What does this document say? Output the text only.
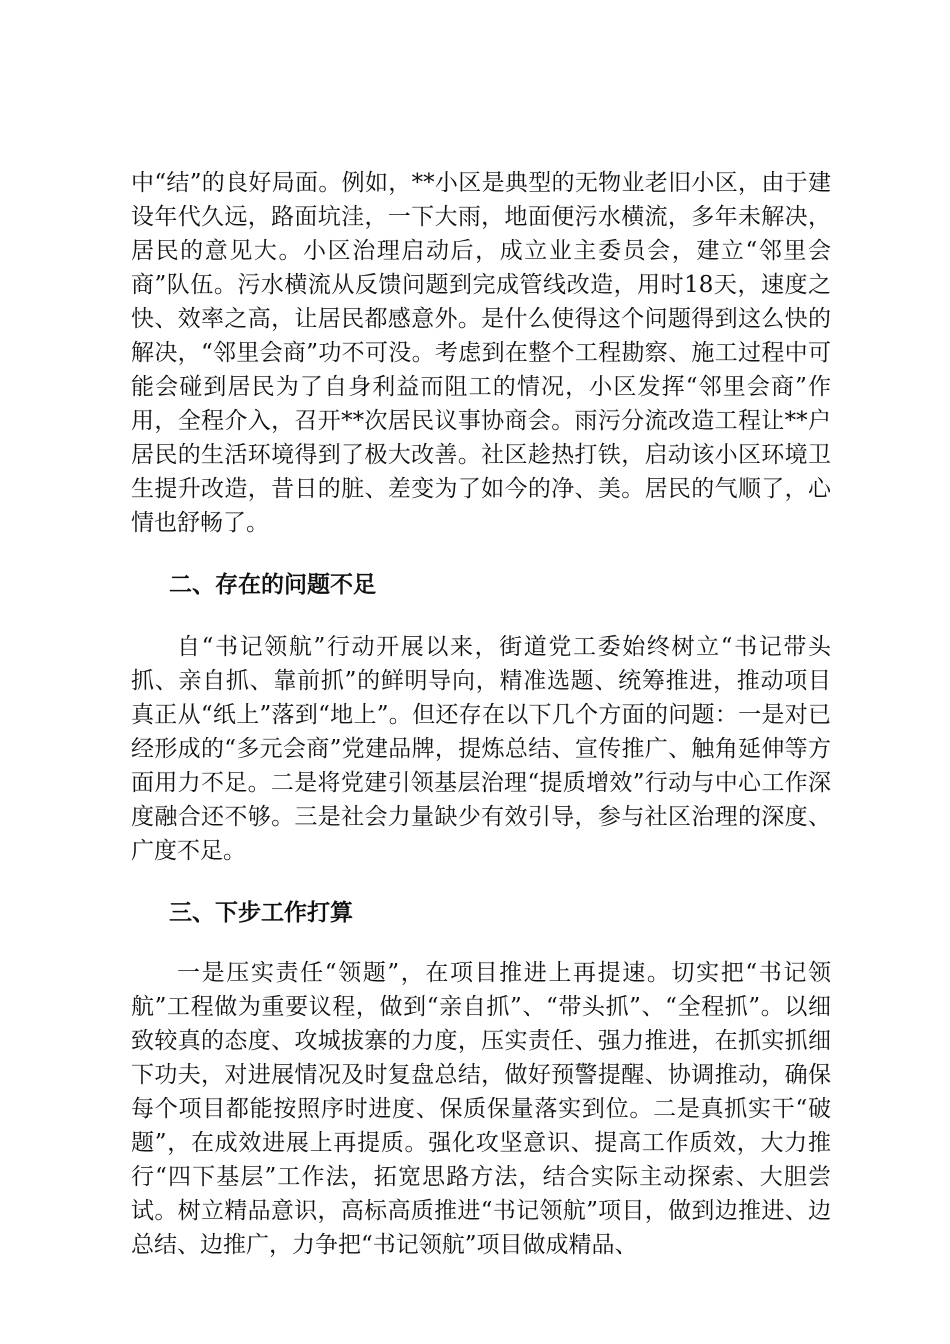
中“结”的良好局面。例如，**小区是典型的无物业老旧小区，由于建设年代久远，路面坑洼，一下大雨，地面便污水横流，多年未解决，居民的意见大。小区治理启动后，成立业主委员会，建立“邻里会商”队伍。污水横流从反馈问题到完成管线改造，用时18天，速度之快、效率之高，让居民都感意外。是什么使得这个问题得到这么快的解决，“邻里会商”功不可没。考虑到在整个工程勘察、施工过程中可能会碰到居民为了自身利益而阻工的情况，小区发挥“邻里会商”作用，全程介入，召开**次居民议事协商会。雨污分流改造工程让**户居民的生活环境得到了极大改善。社区趁热打铁，启动该小区环境卫生提升改造，昔日的脏、差变为了如今的净、美。居民的气顺了，心情也舒畅了。

二、存在的问题不足

自“书记领航”行动开展以来，街道党工委始终树立“书记带头抓、亲自抓、靠前抓”的鲜明导向，精准选题、统筹推进，推动项目真正从“纸上”落到“地上”。但还存在以下几个方面的问题：一是对已经形成的“多元会商”党建品牌，提炼总结、宣传推广、触角延伸等方面用力不足。二是将党建引领基层治理“提质增效”行动与中心工作深度融合还不够。三是社会力量缺少有效引导，参与社区治理的深度、广度不足。

三、下步工作打算

一是压实责任“领题”，在项目推进上再提速。切实把“书记领航”工程做为重要议程，做到“亲自抓”、“带头抓”、“全程抓”。以细致较真的态度、攻城拔寨的力度，压实责任、强力推进，在抓实抓细下功夫，对进展情况及时复盘总结，做好预警提醒、协调推动，确保每个项目都能按照序时进度、保质保量落实到位。二是真抓实干“破题”，在成效进展上再提质。强化攻坚意识、提高工作质效，大力推行“四下基层”工作法，拓宽思路方法，结合实际主动探索、大胆尝试。树立精品意识，高标高质推进“书记领航”项目，做到边推进、边总结、边推广，力争把“书记领航”项目做成精品、
